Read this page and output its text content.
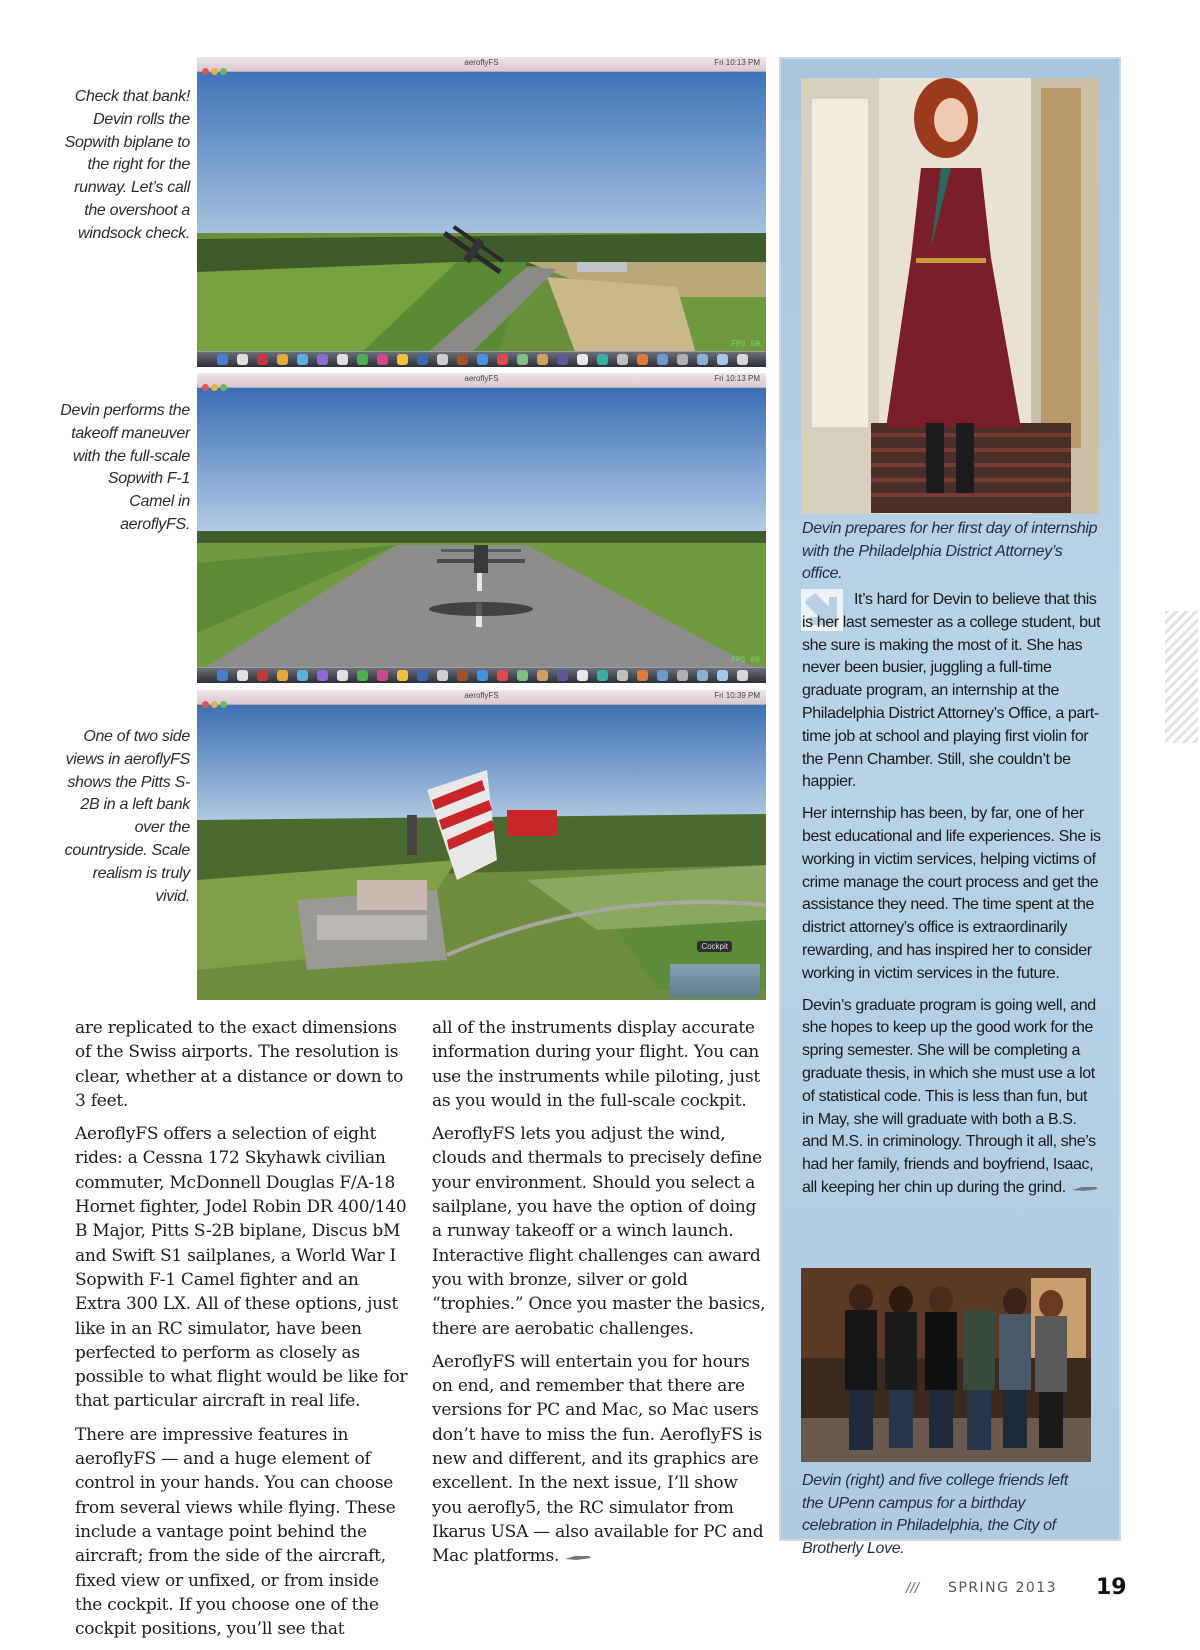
Check that bank! Devin rolls the Sopwith biplane to the right for the runway. Let’s call the overshoot a windsock check.
Devin performs the takeoff maneuver with the full-scale Sopwith F-1 Camel in aeroflyFS.
One of two side views in aeroflyFS shows the Pitts S-2B in a left bank over the countryside. Scale realism is truly vivid.
aeroflyFS	Fri 10:13 PM
FPS 59
aeroflyFS	Fri 10:13 PM
FPS 60
aeroflyFS	Fri 10:39 PM
Cockpit
Devin prepares for her first day of internship with the Philadelphia District Attorney’s office.

It’s hard for Devin to believe that this is her last semester as a college student, but she sure is making the most of it. She has never been busier, juggling a full-time graduate program, an internship at the Philadelphia District Attorney’s Office, a part-time job at school and playing first violin for the Penn Chamber. Still, she couldn’t be happier.

Her internship has been, by far, one of her best educational and life experiences. She is working in victim services, helping victims of crime manage the court process and get the assistance they need. The time spent at the district attorney’s office is extraordinarily rewarding, and has inspired her to consider working in victim services in the future.

Devin’s graduate program is going well, and she hopes to keep up the good work for the spring semester. She will be completing a graduate thesis, in which she must use a lot of statistical code. This is less than fun, but in May, she will graduate with both a B.S. and M.S. in criminology. Through it all, she’s had her family, friends and boyfriend, Isaac, all keeping her chin up during the grind.

Devin (right) and five college friends left the UPenn campus for a birthday celebration in Philadelphia, the City of Brotherly Love.

are replicated to the exact dimensions of the Swiss airports. The resolution is clear, whether at a distance or down to 3 feet.

AeroflyFS offers a selection of eight rides: a Cessna 172 Skyhawk civilian commuter, McDonnell Douglas F/A-18 Hornet fighter, Jodel Robin DR 400/140 B Major, Pitts S-2B biplane, Discus bM and Swift S1 sailplanes, a World War I Sopwith F-1 Camel fighter and an Extra 300 LX. All of these options, just like in an RC simulator, have been perfected to perform as closely as possible to what flight would be like for that particular aircraft in real life.

There are impressive features in aeroflyFS — and a huge element of control in your hands. You can choose from several views while flying. These include a vantage point behind the aircraft; from the side of the aircraft, fixed view or unfixed, or from inside the cockpit. If you choose one of the cockpit positions, you’ll see that

all of the instruments display accurate information during your flight. You can use the instruments while piloting, just as you would in the full-scale cockpit.

AeroflyFS lets you adjust the wind, clouds and thermals to precisely define your environment. Should you select a sailplane, you have the option of doing a runway takeoff or a winch launch. Interactive flight challenges can award you with bronze, silver or gold “trophies.” Once you master the basics, there are aerobatic challenges.

AeroflyFS will entertain you for hours on end, and remember that there are versions for PC and Mac, so Mac users don’t have to miss the fun. AeroflyFS is new and different, and its graphics are excellent. In the next issue, I’ll show you aerofly5, the RC simulator from Ikarus USA — also available for PC and Mac platforms.

/// SPRING 2013 19
